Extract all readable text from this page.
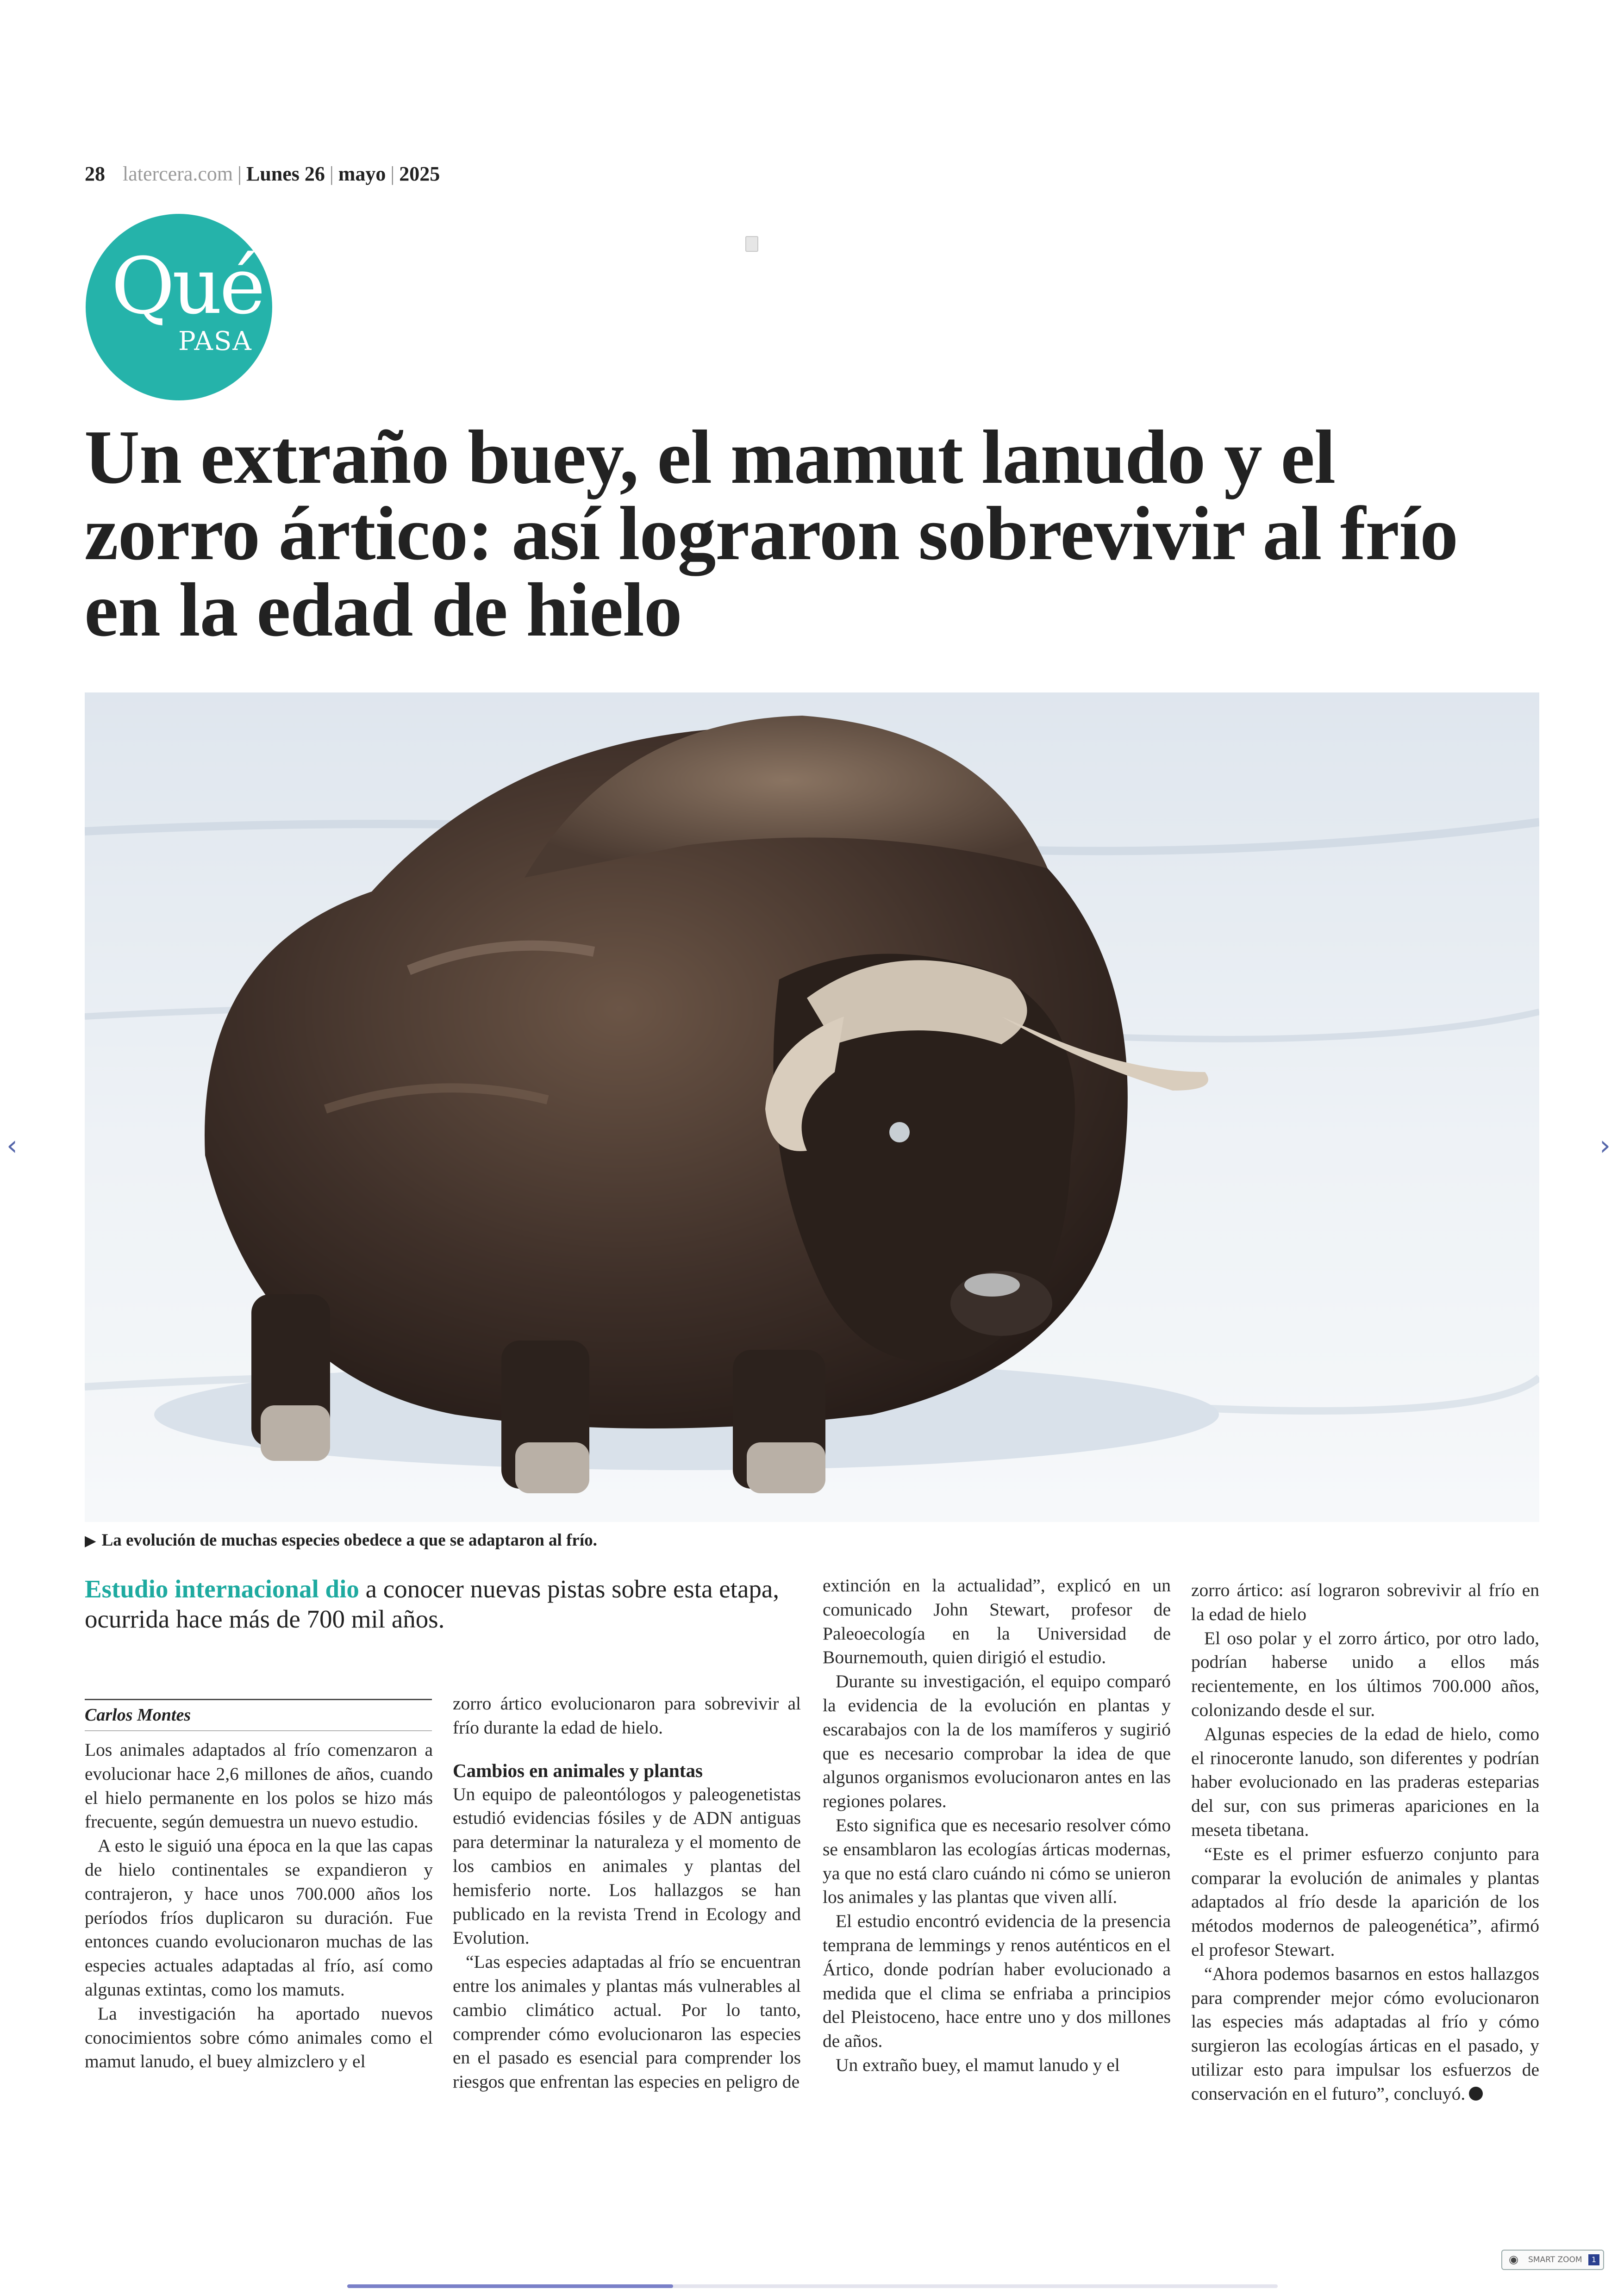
28 latercera.com | Lunes 26 | mayo | 2025
Qué
PASA
Un extraño buey, el mamut lanudo y el zorro ártico: así lograron sobrevivir al frío en la edad de hielo
▶ La evolución de muchas especies obedece a que se adaptaron al frío.
Estudio internacional dio a conocer nuevas pistas sobre esta etapa, ocurrida hace más de 700 mil años.
Carlos Montes

Los animales adaptados al frío comenzaron a evolucionar hace 2,6 millones de años, cuando el hielo permanente en los polos se hizo más frecuente, según demuestra un nuevo estudio.

A esto le siguió una época en la que las capas de hielo continentales se expandieron y contrajeron, y hace unos 700.000 años los períodos fríos duplicaron su duración. Fue entonces cuando evolucionaron muchas de las especies actuales adaptadas al frío, así como algunas extintas, como los mamuts.

La investigación ha aportado nuevos conocimientos sobre cómo animales como el mamut lanudo, el buey almizclero y el

zorro ártico evolucionaron para sobrevivir al frío durante la edad de hielo.

Cambios en animales y plantas

Un equipo de paleontólogos y paleogenetistas estudió evidencias fósiles y de ADN antiguas para determinar la naturaleza y el momento de los cambios en animales y plantas del hemisferio norte. Los hallazgos se han publicado en la revista Trend in Ecology and Evolution.

“Las especies adaptadas al frío se encuentran entre los animales y plantas más vulnerables al cambio climático actual. Por lo tanto, comprender cómo evolucionaron las especies en el pasado es esencial para comprender los riesgos que enfrentan las especies en peligro de

extinción en la actualidad”, explicó en un comunicado John Stewart, profesor de Paleoecología en la Universidad de Bournemouth, quien dirigió el estudio.

Durante su investigación, el equipo comparó la evidencia de la evolución en plantas y escarabajos con la de los mamíferos y sugirió que es necesario comprobar la idea de que algunos organismos evolucionaron antes en las regiones polares.

Esto significa que es necesario resolver cómo se ensamblaron las ecologías árticas modernas, ya que no está claro cuándo ni cómo se unieron los animales y las plantas que viven allí.

El estudio encontró evidencia de la presencia temprana de lemmings y renos auténticos en el Ártico, donde podrían haber evolucionado a medida que el clima se enfriaba a principios del Pleistoceno, hace entre uno y dos millones de años.

Un extraño buey, el mamut lanudo y el

zorro ártico: así lograron sobrevivir al frío en la edad de hielo

El oso polar y el zorro ártico, por otro lado, podrían haberse unido a ellos más recientemente, en los últimos 700.000 años, colonizando desde el sur.

Algunas especies de la edad de hielo, como el rinoceronte lanudo, son diferentes y podrían haber evolucionado en las praderas esteparias del sur, con sus primeras apariciones en la meseta tibetana.

“Este es el primer esfuerzo conjunto para comparar la evolución de animales y plantas adaptados al frío desde la aparición de los métodos modernos de paleogenética”, afirmó el profesor Stewart.

“Ahora podemos basarnos en estos hallazgos para comprender mejor cómo evolucionaron las especies más adaptadas al frío y cómo surgieron las ecologías árticas en el pasado, y utilizar esto para impulsar los esfuerzos de conservación en el futuro”, concluyó.

‹	›
◉ SMART ZOOM	1
